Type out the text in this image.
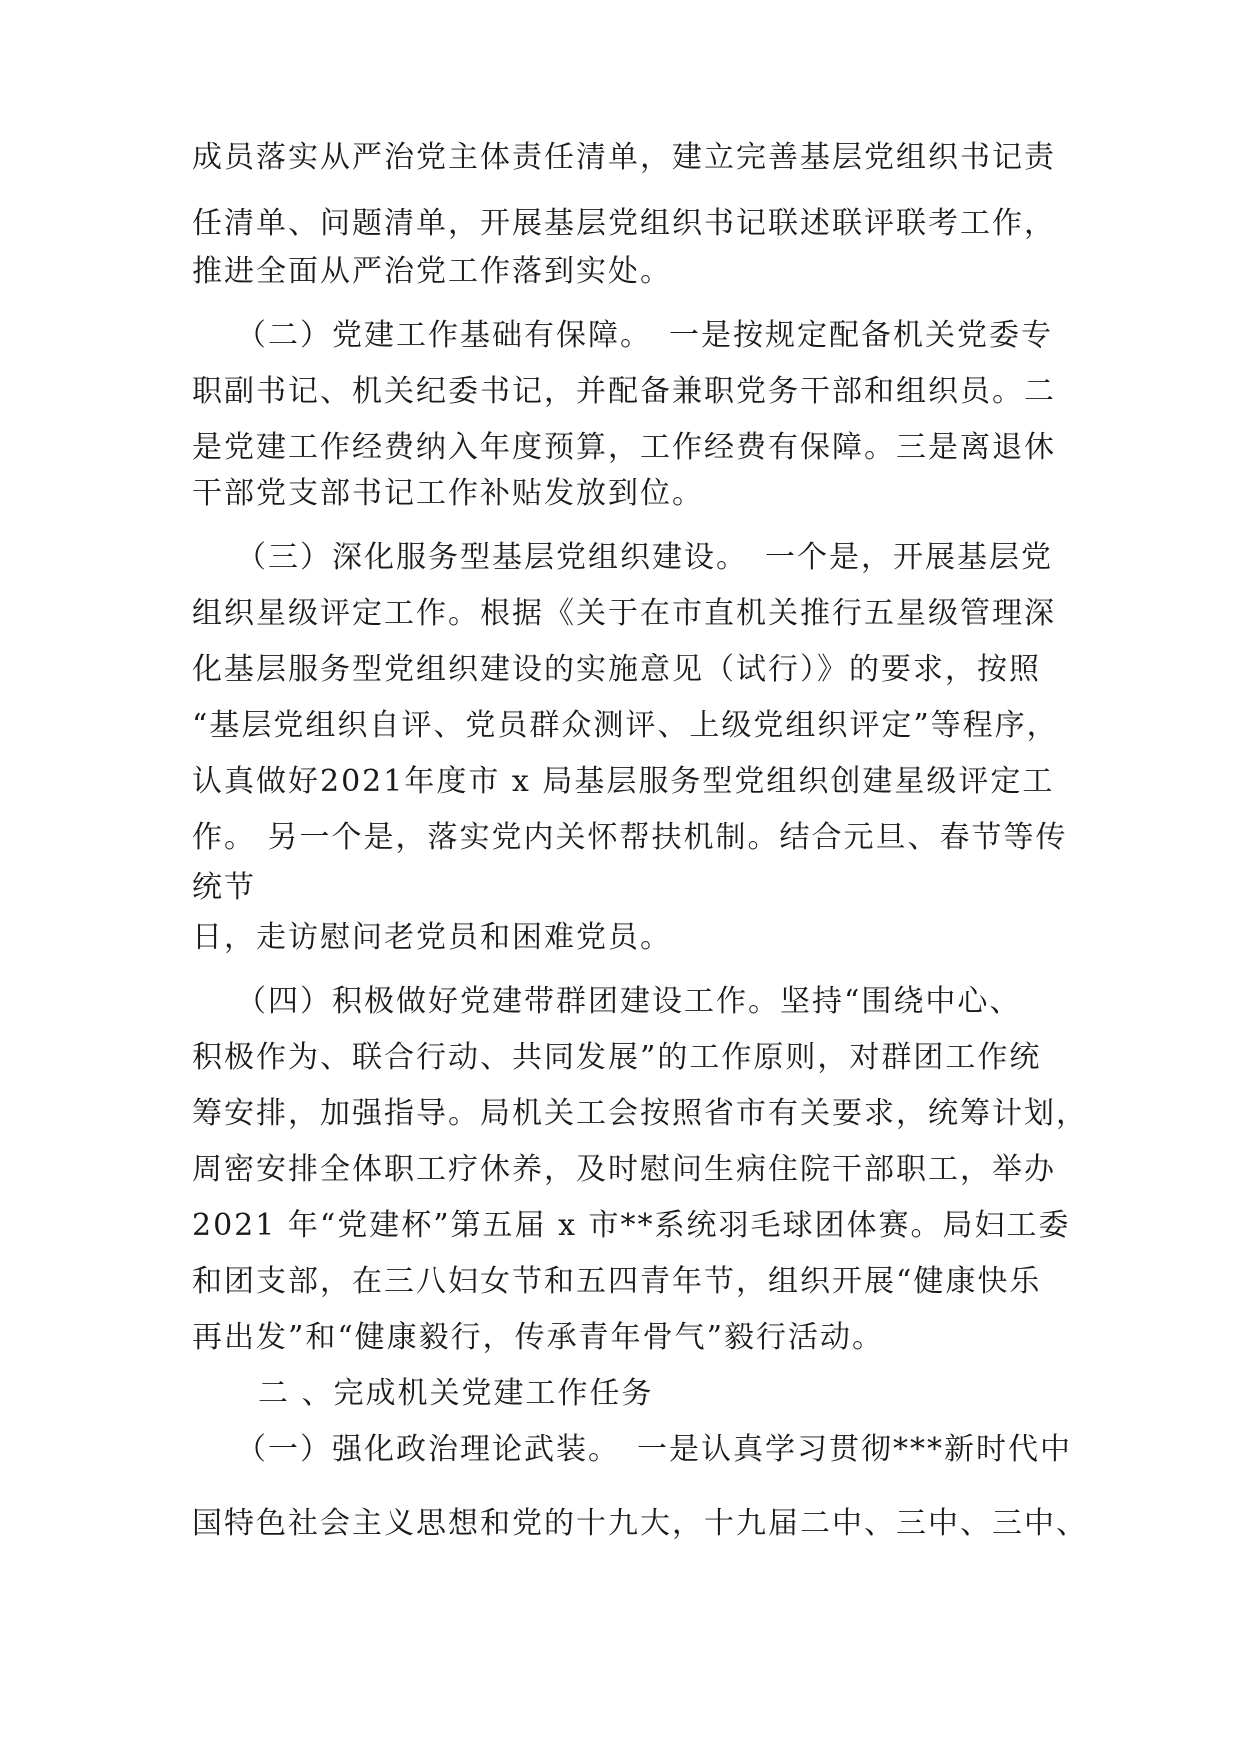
成员落实从严治党主体责任清单，建立完善基层党组织书记责
任清单、问题清单，开展基层党组织书记联述联评联考工作，
推进全面从严治党工作落到实处。
（二）党建工作基础有保障。　一是按规定配备机关党委专
职副书记、机关纪委书记，并配备兼职党务干部和组织员。二
是党建工作经费纳入年度预算，工作经费有保障。三是离退休
干部党支部书记工作补贴发放到位。
（三）深化服务型基层党组织建设。　一个是，开展基层党
组织星级评定工作。根据《关于在市直机关推行五星级管理深
化基层服务型党组织建设的实施意见（试行）》的要求，按照
“基层党组织自评、党员群众测评、上级党组织评定”等程序，
认真做好2021年度市 x 局基层服务型党组织创建星级评定工
作。 另一个是，落实党内关怀帮扶机制。结合元旦、春节等传
统节
日，走访慰问老党员和困难党员。
（四）积极做好党建带群团建设工作。坚持“围绕中心、
积极作为、联合行动、共同发展”的工作原则，对群团工作统
筹安排，加强指导。局机关工会按照省市有关要求，统筹计划，
周密安排全体职工疗休养，及时慰问生病住院干部职工，举办
2021 年“党建杯”第五届 x 市**系统羽毛球团体赛。局妇工委
和团支部，在三八妇女节和五四青年节，组织开展“健康快乐
再出发”和“健康毅行，传承青年骨气”毅行活动。
二 、完成机关党建工作任务
（一）强化政治理论武装。　一是认真学习贯彻***新时代中
国特色社会主义思想和党的十九大，十九届二中、三中、三中、
